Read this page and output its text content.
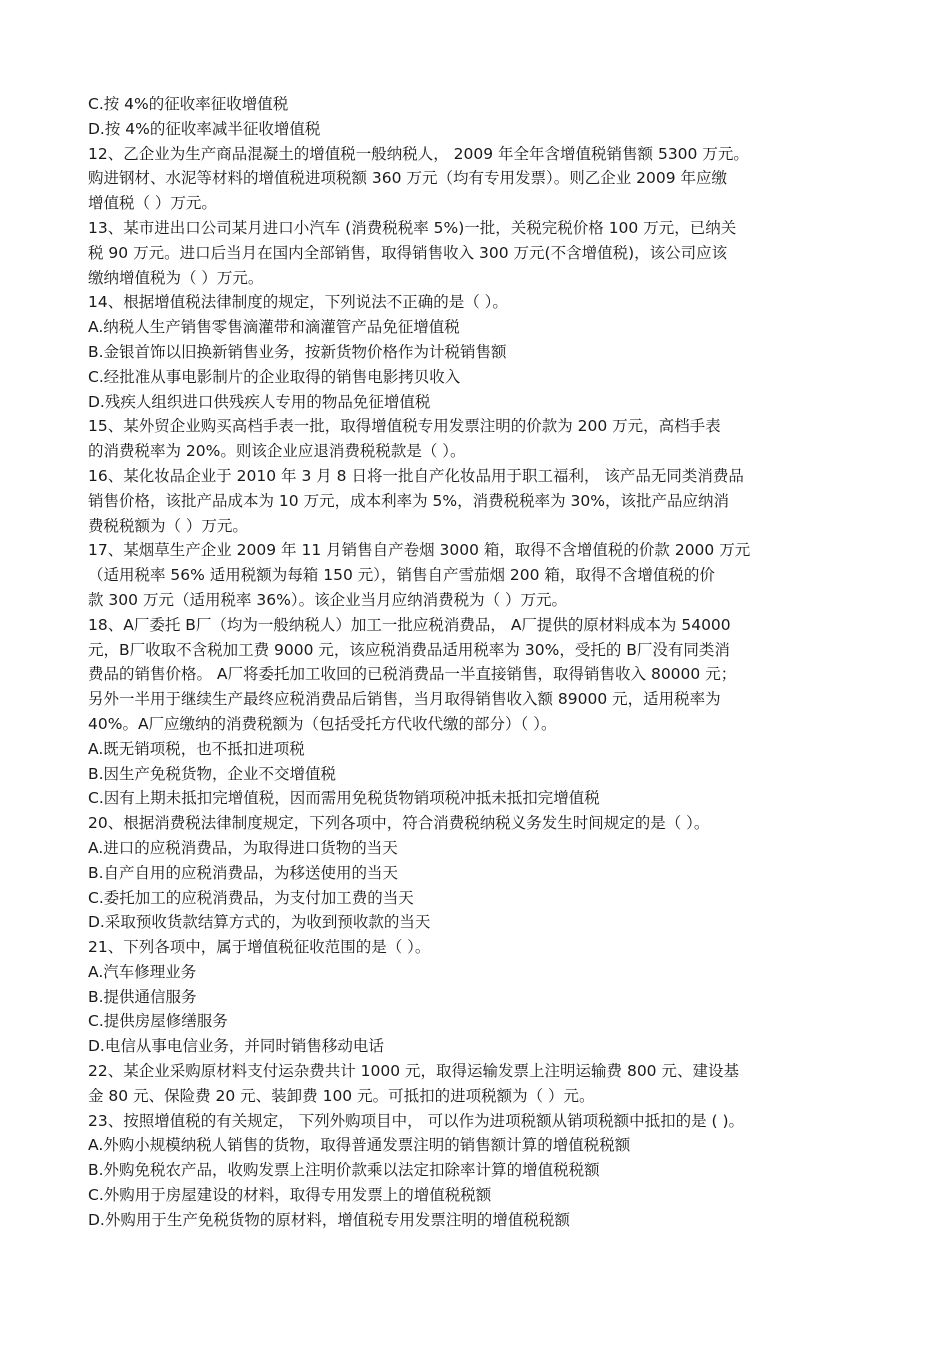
C.按 4%的征收率征收增值税
D.按 4%的征收率减半征收增值税
12、乙企业为生产商品混凝土的增值税一般纳税人， 2009 年全年含增值税销售额 5300 万元。
购进钢材、水泥等材料的增值税进项税额 360 万元（均有专用发票）。则乙企业 2009 年应缴
增值税（ ）万元。
13、某市进出口公司某月进口小汽车 (消费税税率 5%)一批，关税完税价格 100 万元，已纳关
税 90 万元。进口后当月在国内全部销售，取得销售收入 300 万元(不含增值税)，该公司应该
缴纳增值税为（ ）万元。
14、根据增值税法律制度的规定，下列说法不正确的是（ ）。
A.纳税人生产销售零售滴灌带和滴灌管产品免征增值税
B.金银首饰以旧换新销售业务，按新货物价格作为计税销售额
C.经批准从事电影制片的企业取得的销售电影拷贝收入
D.残疾人组织进口供残疾人专用的物品免征增值税
15、某外贸企业购买高档手表一批，取得增值税专用发票注明的价款为 200 万元，高档手表
的消费税率为 20%。则该企业应退消费税税款是（ ）。
16、某化妆品企业于 2010 年 3 月 8 日将一批自产化妆品用于职工福利， 该产品无同类消费品
销售价格，该批产品成本为 10 万元，成本利率为 5%，消费税税率为 30%，该批产品应纳消
费税税额为（ ）万元。
17、某烟草生产企业 2009 年 11 月销售自产卷烟 3000 箱，取得不含增值税的价款 2000 万元
（适用税率 56% 适用税额为每箱 150 元），销售自产雪茄烟 200 箱，取得不含增值税的价
款 300 万元（适用税率 36%）。该企业当月应纳消费税为（ ）万元。
18、A厂委托 B厂（均为一般纳税人）加工一批应税消费品， A厂提供的原材料成本为 54000
元，B厂收取不含税加工费 9000 元，该应税消费品适用税率为 30%，受托的 B厂没有同类消
费品的销售价格。 A厂将委托加工收回的已税消费品一半直接销售，取得销售收入 80000 元；
另外一半用于继续生产最终应税消费品后销售，当月取得销售收入额 89000 元，适用税率为
40%。A厂应缴纳的消费税额为（包括受托方代收代缴的部分）（ ）。
A.既无销项税，也不抵扣进项税
B.因生产免税货物，企业不交增值税
C.因有上期未抵扣完增值税，因而需用免税货物销项税冲抵未抵扣完增值税
20、根据消费税法律制度规定，下列各项中，符合消费税纳税义务发生时间规定的是（ ）。
A.进口的应税消费品，为取得进口货物的当天
B.自产自用的应税消费品，为移送使用的当天
C.委托加工的应税消费品，为支付加工费的当天
D.采取预收货款结算方式的，为收到预收款的当天
21、下列各项中，属于增值税征收范围的是（ ）。
A.汽车修理业务
B.提供通信服务
C.提供房屋修缮服务
D.电信从事电信业务，并同时销售移动电话
22、某企业采购原材料支付运杂费共计 1000 元，取得运输发票上注明运输费 800 元、建设基
金 80 元、保险费 20 元、装卸费 100 元。可抵扣的进项税额为（ ）元。
23、按照增值税的有关规定， 下列外购项目中， 可以作为进项税额从销项税额中抵扣的是 ( )。
A.外购小规模纳税人销售的货物，取得普通发票注明的销售额计算的增值税税额
B.外购免税农产品，收购发票上注明价款乘以法定扣除率计算的增值税税额
C.外购用于房屋建设的材料，取得专用发票上的增值税税额
D.外购用于生产免税货物的原材料，增值税专用发票注明的增值税税额
